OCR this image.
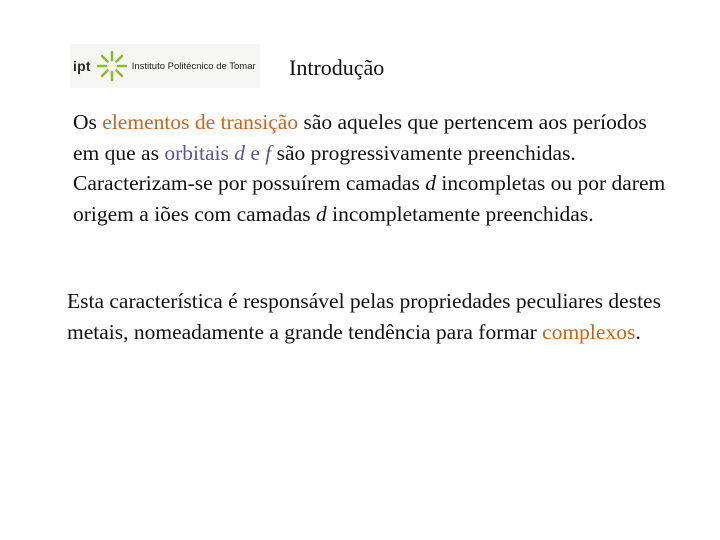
ipt	Instituto Politécnico de Tomar Introdução

Os elementos de transição são aqueles que pertencem aos períodos em que as orbitais d e f são progressivamente preenchidas. Caracterizam-se por possuírem camadas d incompletas ou por darem origem a iões com camadas d incompletamente preenchidas.

Esta característica é responsável pelas propriedades peculiares destes metais, nomeadamente a grande tendência para formar complexos.
